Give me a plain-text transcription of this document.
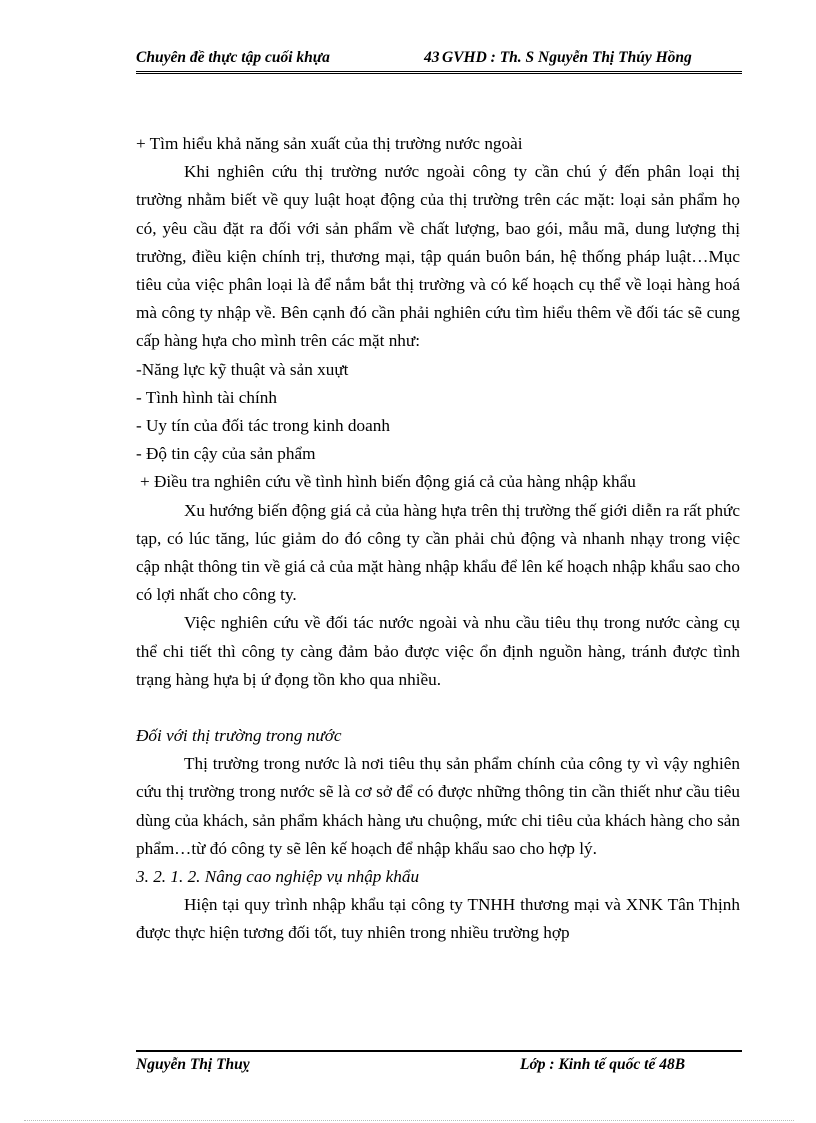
Chuyên đề thực tập cuối khựa	43 GVHD : Th. S Nguyễn Thị Thúy Hồng

+ Tìm hiểu khả năng sản xuất của thị trường nước ngoài

Khi nghiên cứu thị trường nước ngoài công ty cần chú ý đến phân loại thị trường nhằm biết về quy luật hoạt động của thị trường trên các mặt: loại sản phẩm họ có, yêu cầu đặt ra đối với sản phẩm về chất lượng, bao gói, mẫu mã, dung lượng thị trường, điều kiện chính trị, thương mại, tập quán buôn bán, hệ thống pháp luật…Mục tiêu của việc phân loại là để nắm bắt thị trường và có kế hoạch cụ thể về loại hàng hoá mà công ty nhập về. Bên cạnh đó cần phải nghiên cứu tìm hiểu thêm về đối tác sẽ cung cấp hàng hựa cho mình trên các mặt như:

-Năng lực kỹ thuật và sản xuựt

- Tình hình tài chính

- Uy tín của đối tác trong kinh doanh

- Độ tin cậy của sản phẩm

+ Điều tra nghiên cứu về tình hình biến động giá cả của hàng nhập khẩu

Xu hướng biến động giá cả của hàng hựa trên thị trường thế giới diễn ra rất phức tạp, có lúc tăng, lúc giảm do đó công ty cần phải chủ động và nhanh nhạy trong việc cập nhật thông tin về giá cả của mặt hàng nhập khẩu để lên kế hoạch nhập khẩu sao cho có lợi nhất cho công ty.

Việc nghiên cứu về đối tác nước ngoài và nhu cầu tiêu thụ trong nước càng cụ thể chi tiết thì công ty càng đảm bảo được việc ổn định nguồn hàng, tránh được tình trạng hàng hựa bị ứ đọng tồn kho qua nhiều.

Đối với thị trường trong nước

Thị trường trong nước là nơi tiêu thụ sản phẩm chính của công ty vì vậy nghiên cứu thị trường trong nước sẽ là cơ sở để có được những thông tin cần thiết như cầu tiêu dùng của khách, sản phẩm khách hàng ưu chuộng, mức chi tiêu của khách hàng cho sản phẩm…từ đó công ty sẽ lên kế hoạch để nhập khẩu sao cho hợp lý.

3. 2. 1. 2. Nâng cao nghiệp vụ nhập khẩu

Hiện tại quy trình nhập khẩu tại công ty TNHH thương mại và XNK Tân Thịnh được thực hiện tương đối tốt, tuy nhiên trong nhiều trường hợp

Nguyễn Thị Thuỵ	Lớp : Kinh tế quốc tế 48B
